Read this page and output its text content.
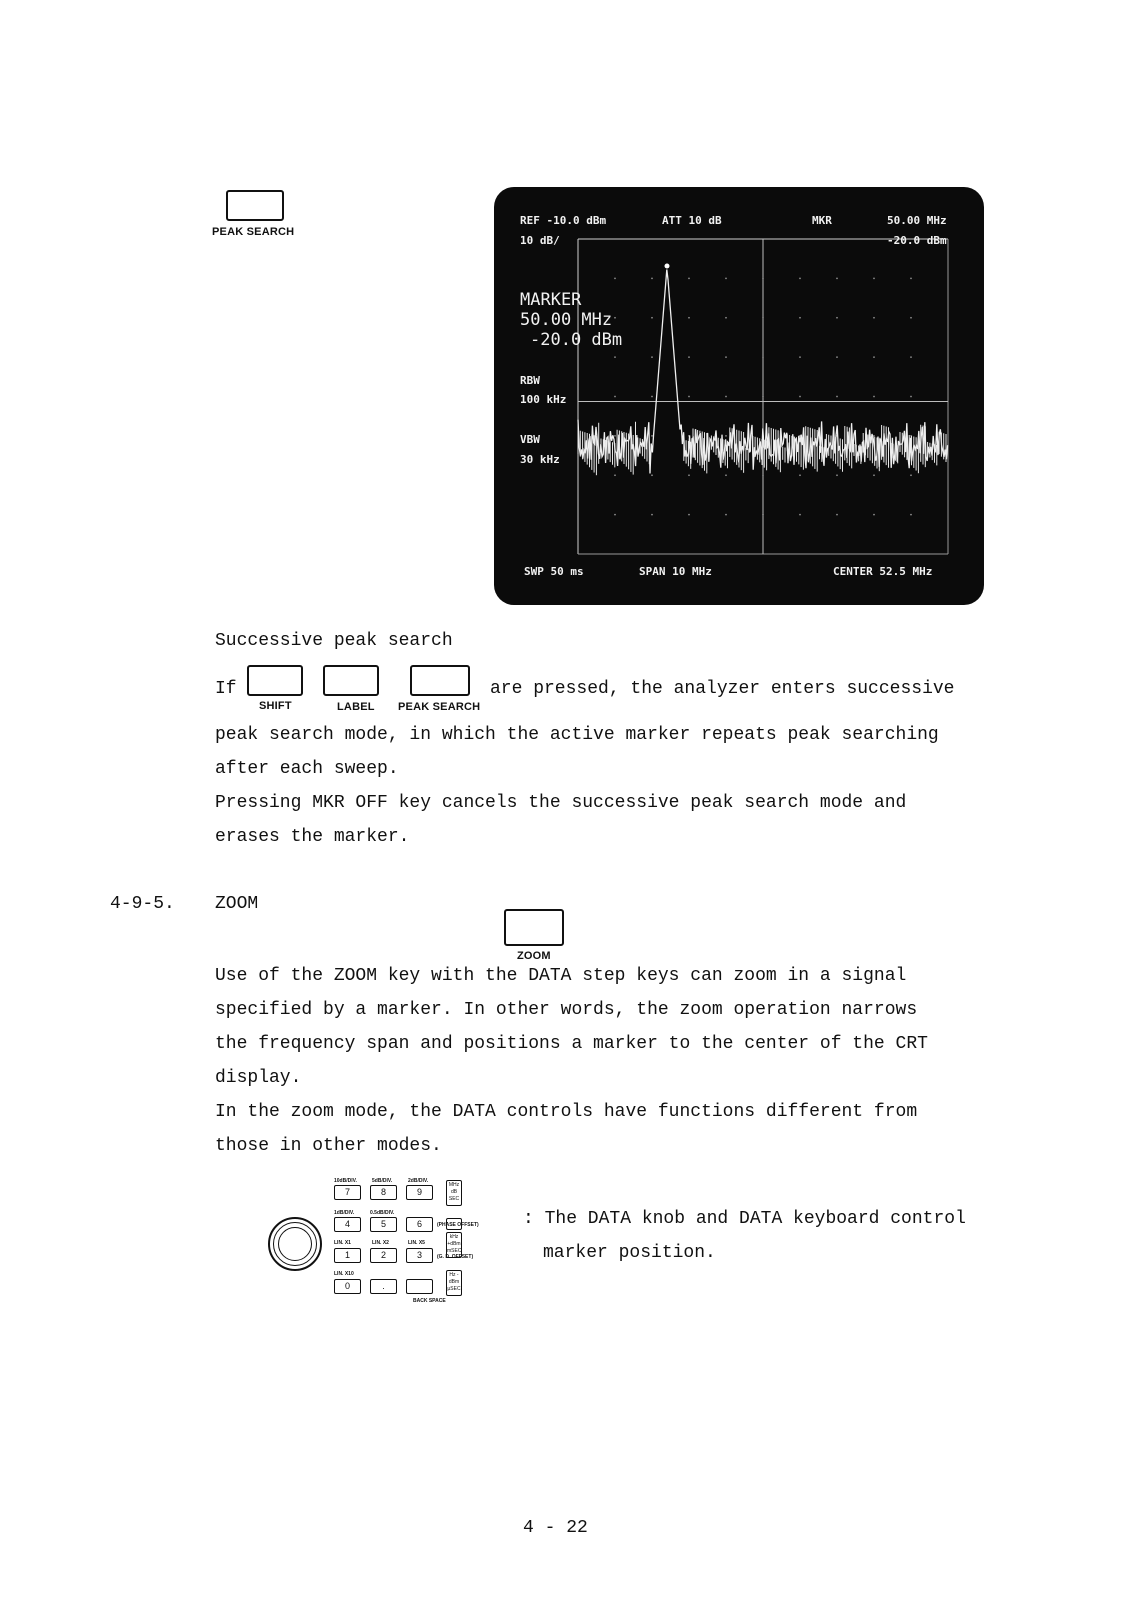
PEAK SEARCH
REF -10.0 dBm	ATT 10 dB	MKR	50.00 MHz
10 dB/	-20.0 dBm
MARKER
50.00 MHz
-20.0 dBm
RBW
100 kHz
VBW
30 kHz
SWP 50 ms	SPAN 10 MHz	CENTER 52.5 MHz
Successive peak search
If
SHIFT	LABEL PEAK SEARCH
are pressed, the analyzer enters successive
peak search mode, in which the active marker repeats peak searching
after each sweep.
Pressing MKR OFF key cancels the successive peak search mode and
erases the marker.
4-9-5. ZOOM
ZOOM
Use of the ZOOM key with the DATA step keys can zoom in a signal
specified by a marker. In other words, the zoom operation narrows
the frequency span and positions a marker to the center of the CRT
display.
In the zoom mode, the DATA controls have functions different from
those in other modes.
10dB/DIV.	5dB/DIV.	2dB/DIV.
1dB/DIV.	0.5dB/DIV.
LIN. X1	LIN. X2	LIN. X5
LIN. X10
(PHASE OFFSET)
(G. D. OFFSET)
BACK SPACE
7	8	9
4	5	6
1	2	3
0	.
MHz dB SEC
kHz +dBm mSEC
Hz -dBm µSEC
: The DATA knob and DATA keyboard control
marker position.
4 - 22
